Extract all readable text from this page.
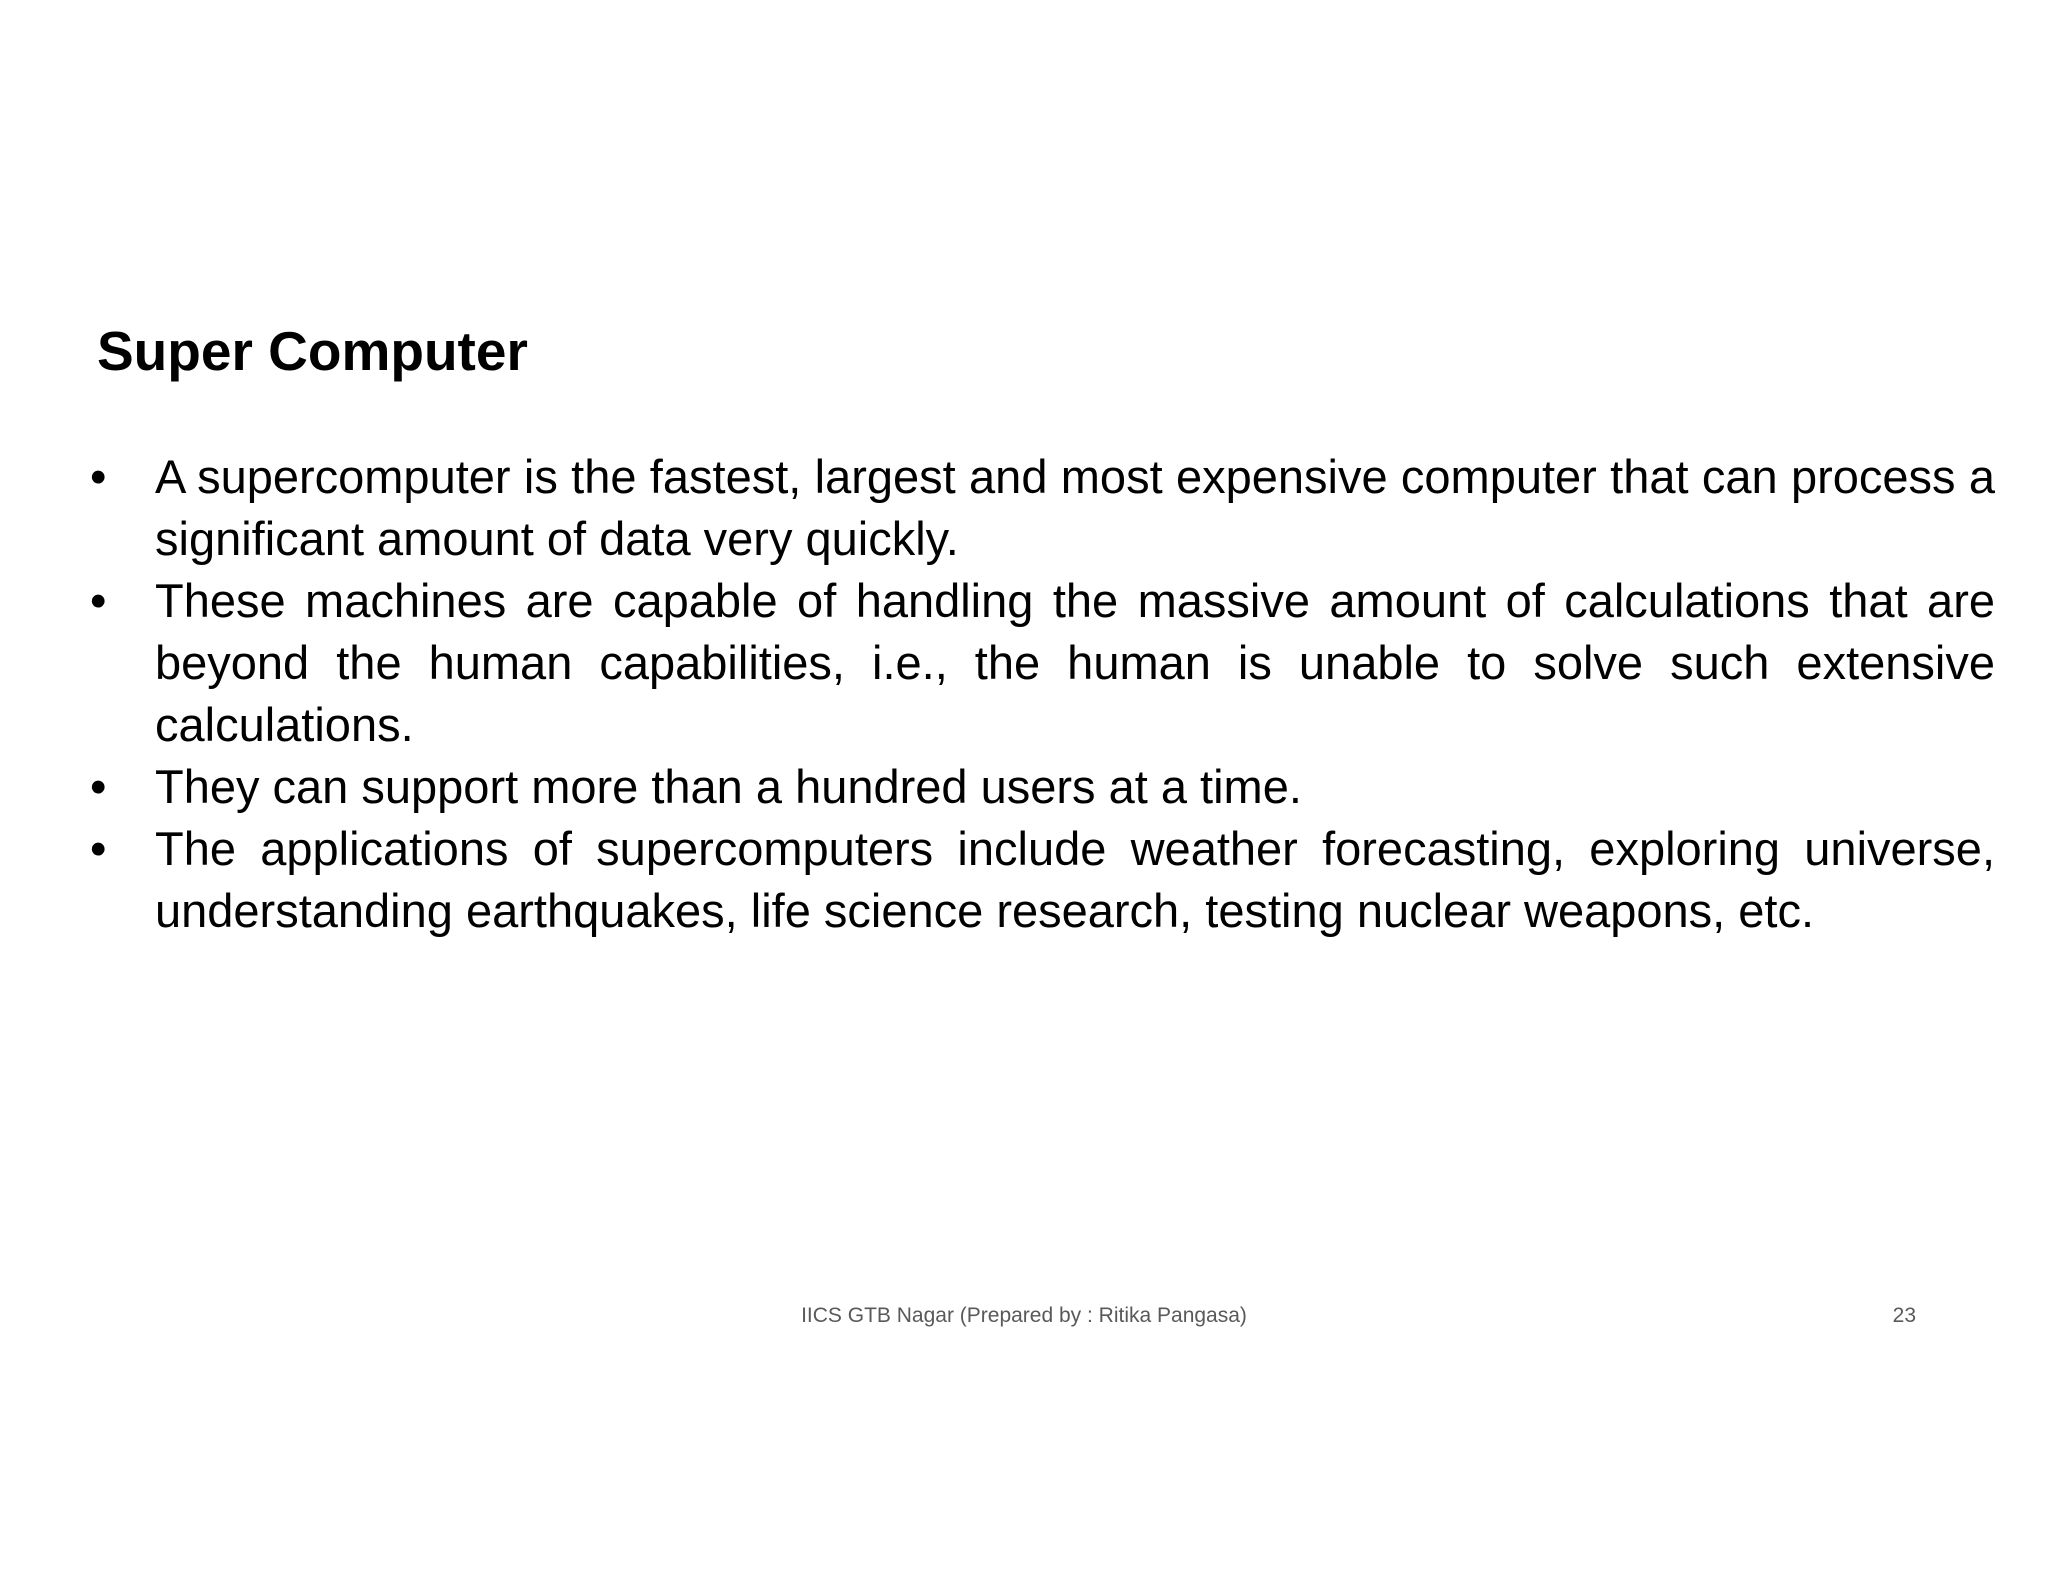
Super Computer
• A supercomputer is the fastest, largest and most expensive computer that can process a significant amount of data very quickly.
• These machines are capable of handling the massive amount of calculations that are beyond the human capabilities, i.e., the human is unable to solve such extensive calculations.
• They can support more than a hundred users at a time.
• The applications of supercomputers include weather forecasting, exploring universe, understanding earthquakes, life science research, testing nuclear weapons, etc.
IICS GTB Nagar (Prepared by : Ritika Pangasa)	23
